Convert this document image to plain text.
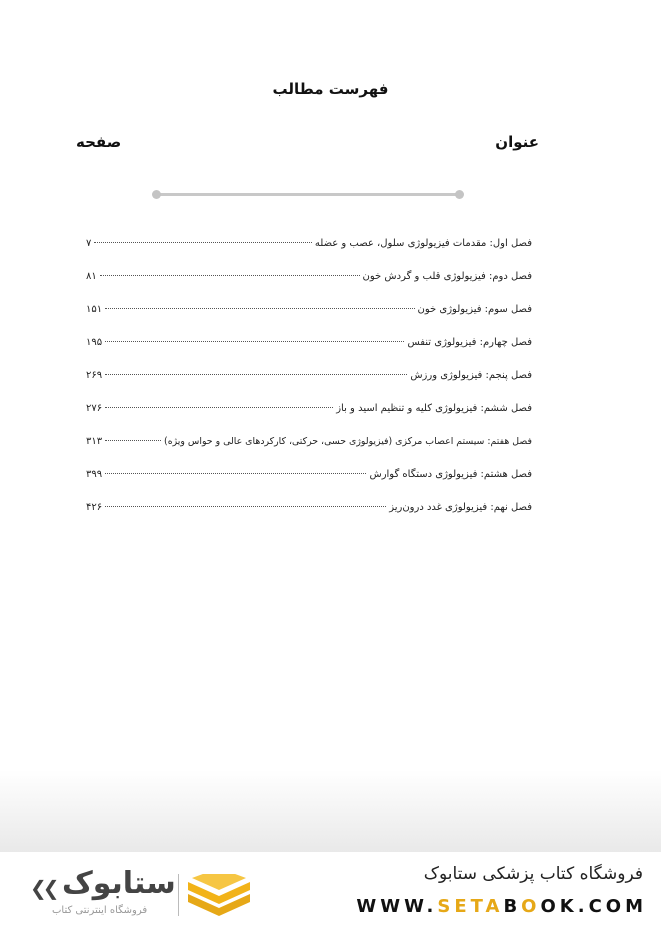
فهرست مطالب
عنوان
صفحه
فصل اول: مقدمات فیزیولوژی سلول، عصب و عضله
۷
فصل دوم: فیزیولوژی قلب و گردش خون
۸۱
فصل سوم: فیزیولوژی خون
۱۵۱
فصل چهارم: فیزیولوژی تنفس
۱۹۵
فصل پنجم: فیزیولوژی ورزش
۲۶۹
فصل ششم: فیزیولوژی کلیه و تنظیم اسید و باز
۲۷۶
فصل هفتم: سیستم اعصاب مرکزی (فیزیولوژی حسی، حرکتی، کارکردهای عالی و حواس ویژه)
۳۱۳
فصل هشتم: فیزیولوژی دستگاه گوارش
۳۹۹
فصل نهم: فیزیولوژی غدد درون‌ریز
۴۲۶
فروشگاه کتاب پزشکی ستابوک
WWW.SETABOOK.COM
ستابوک
❮❮
فروشگاه اینترنتی کتاب
